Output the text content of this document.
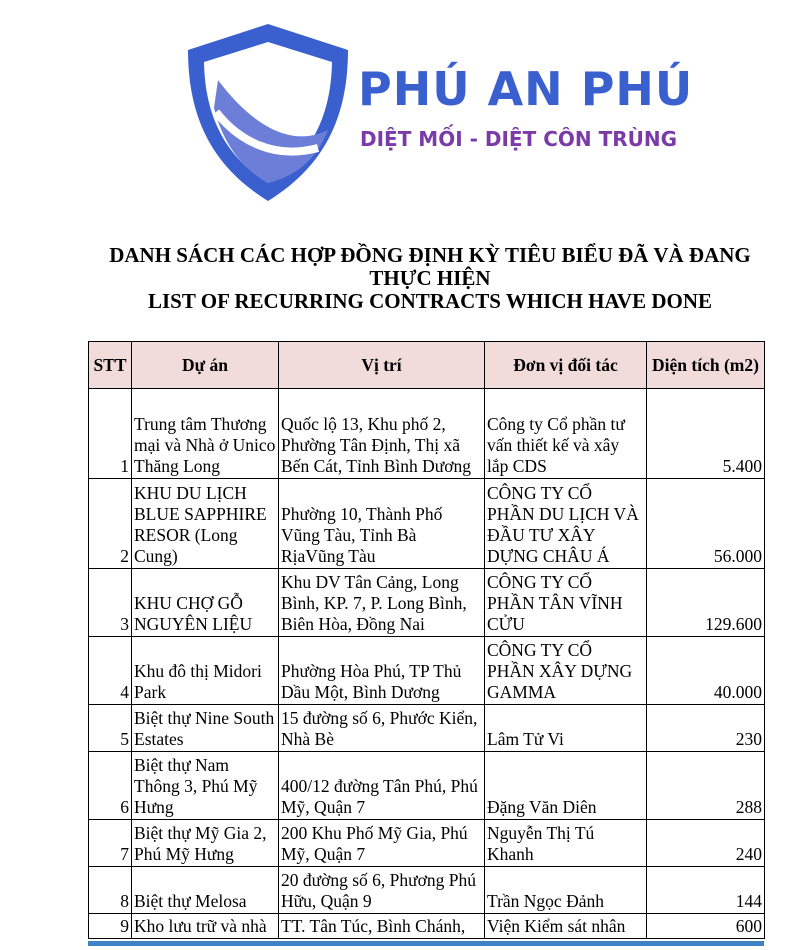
PHÚ AN PHÚ
DIỆT MỐI - DIỆT CÔN TRÙNG
DANH SÁCH CÁC HỢP ĐỒNG ĐỊNH KỲ TIÊU BIỂU ĐÃ VÀ ĐANG
THỰC HIỆN
LIST OF RECURRING CONTRACTS WHICH HAVE DONE
STT	Dự án	Vị trí	Đơn vị đối tác	Diện tích (m2)
1	Trung tâm Thương mại và Nhà ở Unico Thăng Long	Quốc lộ 13, Khu phố 2, Phường Tân Định, Thị xã Bến Cát, Tỉnh Bình Dương	Công ty Cổ phần tư vấn thiết kế và xây lắp CDS	5.400
2	KHU DU LỊCH BLUE SAPPHIRE RESOR (Long Cung)	Phường 10, Thành Phố Vũng Tàu, Tỉnh Bà RịaVũng Tàu	CÔNG TY CỔ PHẦN DU LỊCH VÀ ĐẦU TƯ XÂY DỰNG CHÂU Á	56.000
3	KHU CHỢ GỖ NGUYÊN LIỆU	Khu DV Tân Cảng, Long Bình, KP. 7, P. Long Bình, Biên Hòa, Đồng Nai	CÔNG TY CỔ PHẦN TÂN VĨNH CỬU	129.600
4	Khu đô thị Midori Park	Phường Hòa Phú, TP Thủ Dầu Một, Bình Dương	CÔNG TY CỔ PHẦN XÂY DỰNG GAMMA	40.000
5	Biệt thự Nine South Estates	15 đường số 6, Phước Kiển, Nhà Bè	Lâm Tử Vi	230
6	Biệt thự Nam Thông 3, Phú Mỹ Hưng	400/12 đường Tân Phú, Phú Mỹ, Quận 7	Đặng Văn Diên	288
7	Biệt thự Mỹ Gia 2, Phú Mỹ Hưng	200 Khu Phố Mỹ Gia, Phú Mỹ, Quận 7	Nguyễn Thị Tú Khanh	240
8	Biệt thự Melosa	20 đường số 6, Phương Phú Hữu, Quận 9	Trần Ngọc Đảnh	144
9	Kho lưu trữ và nhà	TT. Tân Túc, Bình Chánh,	Viện Kiểm sát nhân	600
